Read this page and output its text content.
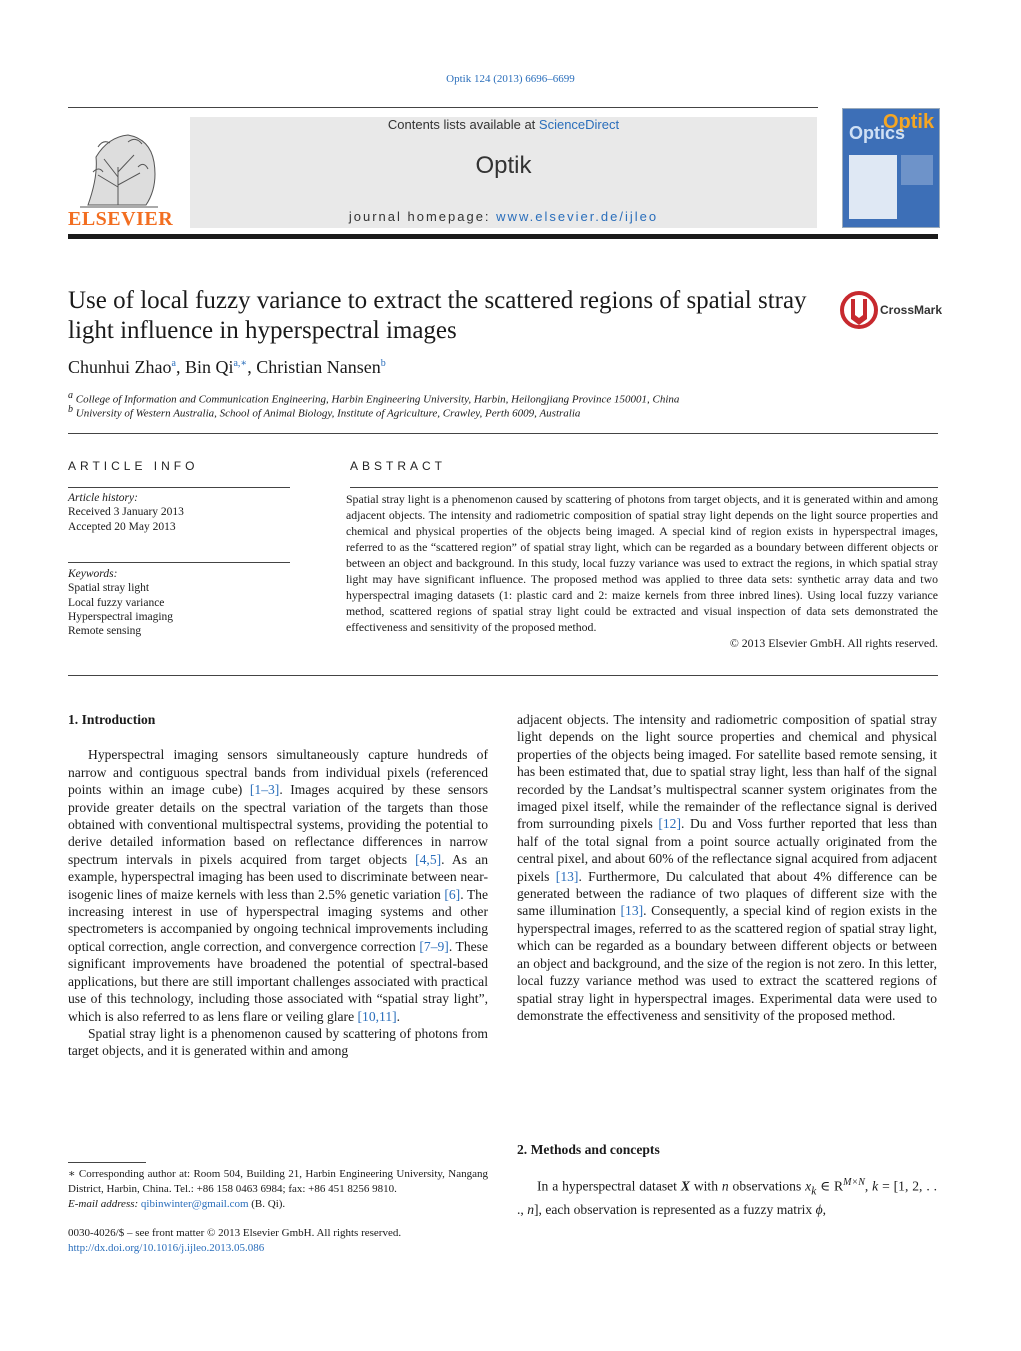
Optik 124 (2013) 6696–6699
ELSEVIER
Contents lists available at ScienceDirect
Optik
journal homepage: www.elsevier.de/ijleo
Optik
Optics
Use of local fuzzy variance to extract the scattered regions of spatial stray light influence in hyperspectral images
CrossMark
Chunhui Zhao$^a$, Bin $Qi^{a,∗}$, Christian Nansen$^b$
$^a$ College of Information and Communication Engineering, Harbin Engineering University, Harbin, Heilongjiang Province 150001, China
$^b$ University of Western Australia, School of Animal Biology, Institute of Agriculture, Crawley, Perth 6009, Australia
ARTICLE INFO	ABSTRACT
Article history:
Received 3 January 2013
Accepted 20 May 2013
Keywords:
Spatial stray light
Local fuzzy variance
Hyperspectral imaging
Remote sensing
Spatial stray light is a phenomenon caused by scattering of photons from target objects, and it is generated within and among adjacent objects. The intensity and radiometric composition of spatial stray light depends on the light source properties and chemical and physical properties of the objects being imaged. A special kind of region exists in hyperspectral images, referred to as the “scattered region” of spatial stray light, which can be regarded as a boundary between different objects or between an object and background. In this study, local fuzzy variance was used to extract the regions, in which spatial stray light may have significant influence. The proposed method was applied to three data sets: synthetic array data and two hyperspectral imaging datasets (1: plastic card and 2: maize kernels from three inbred lines). Using local fuzzy variance method, scattered regions of spatial stray light could be extracted and visual inspection of data sets demonstrated the effectiveness and sensitivity of the proposed method.
© 2013 Elsevier GmbH. All rights reserved.
1. Introduction

Hyperspectral imaging sensors simultaneously capture hundreds of narrow and contiguous spectral bands from individual pixels (referenced points within an image cube) [1–3]. Images acquired by these sensors provide greater details on the spectral variation of the targets than those obtained with conventional multispectral systems, providing the potential to derive detailed information based on reflectance differences in narrow spectrum intervals in pixels acquired from target objects [4,5]. As an example, hyperspectral imaging has been used to discriminate between near-isogenic lines of maize kernels with less than 2.5% genetic variation [6]. The increasing interest in use of hyperspectral imaging systems and other spectrometers is accompanied by ongoing technical improvements including optical correction, angle correction, and convergence correction [7–9]. These significant improvements have broadened the potential of spectral-based applications, but there are still important challenges associated with practical use of this technology, including those associated with “spatial stray light”, which is also referred to as lens flare or veiling glare [10,11].

Spatial stray light is a phenomenon caused by scattering of photons from target objects, and it is generated within and among

adjacent objects. The intensity and radiometric composition of spatial stray light depends on the light source properties and chemical and physical properties of the objects being imaged. For satellite based remote sensing, it has been estimated that, due to spatial stray light, less than half of the signal recorded by the Landsat’s multispectral scanner system originates from the imaged pixel itself, while the remainder of the reflectance signal is derived from surrounding pixels [12]. Du and Voss further reported that less than half of the total signal from a point source actually originated from the central pixel, and about 60% of the reflectance signal acquired from adjacent pixels [13]. Furthermore, Du calculated that about 4% difference can be generated between the radiance of two plaques of different size with the same illumination [13]. Consequently, a special kind of region exists in the hyperspectral images, referred to as the scattered region of spatial stray light, which can be regarded as a boundary between different objects or between an object and background, and the size of the region is not zero. In this letter, local fuzzy variance method was used to extract the scattered regions of spatial stray light in hyperspectral images. Experimental data were used to demonstrate the effectiveness and sensitivity of the proposed method.

2. Methods and concepts

In a hyperspectral dataset X with n observations $x_k$ ∈ $R^{M\times N}$, k = [1, 2, . . ., n], each observation is represented as a fuzzy matrix ϕ,

∗ Corresponding author at: Room 504, Building 21, Harbin Engineering University, Nangang District, Harbin, China. Tel.: +86 158 0463 6984; fax: +86 451 8256 9810.
E-mail address: qibinwinter@gmail.com (B. Qi).
0030-4026/$ – see front matter © 2013 Elsevier GmbH. All rights reserved.
http://dx.doi.org/10.1016/j.ijleo.2013.05.086
